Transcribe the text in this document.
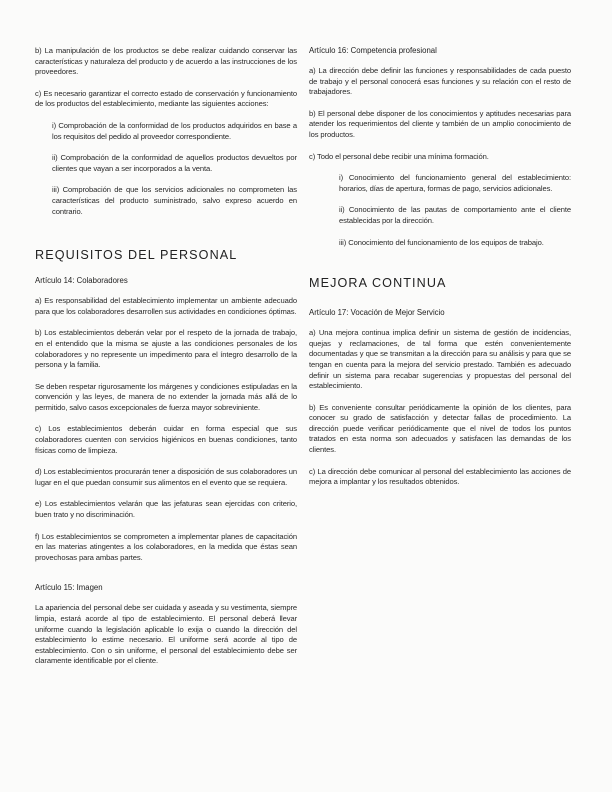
b) La manipulación de los productos se debe realizar cuidando conservar las características y naturaleza del producto y de acuerdo a las instrucciones de los proveedores.

c) Es necesario garantizar el correcto estado de conservación y funcionamiento de los productos del establecimiento, mediante las siguientes acciones:

i) Comprobación de la conformidad de los productos adquiridos en base a los requisitos del pedido al proveedor correspondiente.

ii) Comprobación de la conformidad de aquellos productos devueltos por clientes que vayan a ser incorporados a la venta.

iii) Comprobación de que los servicios adicionales no comprometen las características del producto suministrado, salvo expreso acuerdo en contrario.

REQUISITOS DEL PERSONAL
Artículo 14: Colaboradores

a) Es responsabilidad del establecimiento implementar un ambiente adecuado para que los colaboradores desarrollen sus actividades en condiciones óptimas.

b) Los establecimientos deberán velar por el respeto de la jornada de trabajo, en el entendido que la misma se ajuste a las condiciones personales de los colaboradores y no represente un impedimento para el íntegro desarrollo de la persona y la familia.

Se deben respetar rigurosamente los márgenes y condiciones estipuladas en la convención y las leyes, de manera de no extender la jornada más allá de lo permitido, salvo casos excepcionales de fuerza mayor sobreviniente.

c) Los establecimientos deberán cuidar en forma especial que sus colaboradores cuenten con servicios higiénicos en buenas condiciones, tanto físicas como de limpieza.

d) Los establecimientos procurarán tener a disposición de sus colaboradores un lugar en el que puedan consumir sus alimentos en el evento que se requiera.

e) Los establecimientos velarán que las jefaturas sean ejercidas con criterio, buen trato y no discriminación.

f) Los establecimientos se comprometen a implementar planes de capacitación en las materias atingentes a los colaboradores, en la medida que éstas sean provechosas para ambas partes.

Artículo 15: Imagen

La apariencia del personal debe ser cuidada y aseada y su vestimenta, siempre limpia, estará acorde al tipo de establecimiento. El personal deberá llevar uniforme cuando la legislación aplicable lo exija o cuando la dirección del establecimiento lo estime necesario. El uniforme será acorde al tipo de establecimiento. Con o sin uniforme, el personal del establecimiento debe ser claramente identificable por el cliente.

Artículo 16: Competencia profesional

a) La dirección debe definir las funciones y responsabilidades de cada puesto de trabajo y el personal conocerá esas funciones y su relación con el resto de trabajadores.

b) El personal debe disponer de los conocimientos y aptitudes necesarias para atender los requerimientos del cliente y también de un amplio conocimiento de los productos.

c) Todo el personal debe recibir una mínima formación.

i) Conocimiento del funcionamiento general del establecimiento: horarios, días de apertura, formas de pago, servicios adicionales.

ii) Conocimiento de las pautas de comportamiento ante el cliente establecidas por la dirección.

iii) Conocimiento del funcionamiento de los equipos de trabajo.

MEJORA CONTINUA
Artículo 17: Vocación de Mejor Servicio

a) Una mejora continua implica definir un sistema de gestión de incidencias, quejas y reclamaciones, de tal forma que estén convenientemente documentadas y que se transmitan a la dirección para su análisis y para que se tengan en cuenta para la mejora del servicio prestado. También es adecuado definir un sistema para recabar sugerencias y propuestas del personal del establecimiento.

b) Es conveniente consultar periódicamente la opinión de los clientes, para conocer su grado de satisfacción y detectar fallas de procedimiento. La dirección puede verificar periódicamente que el nivel de todos los puntos tratados en esta norma son adecuados y satisfacen las demandas de los clientes.

c) La dirección debe comunicar al personal del establecimiento las acciones de mejora a implantar y los resultados obtenidos.
